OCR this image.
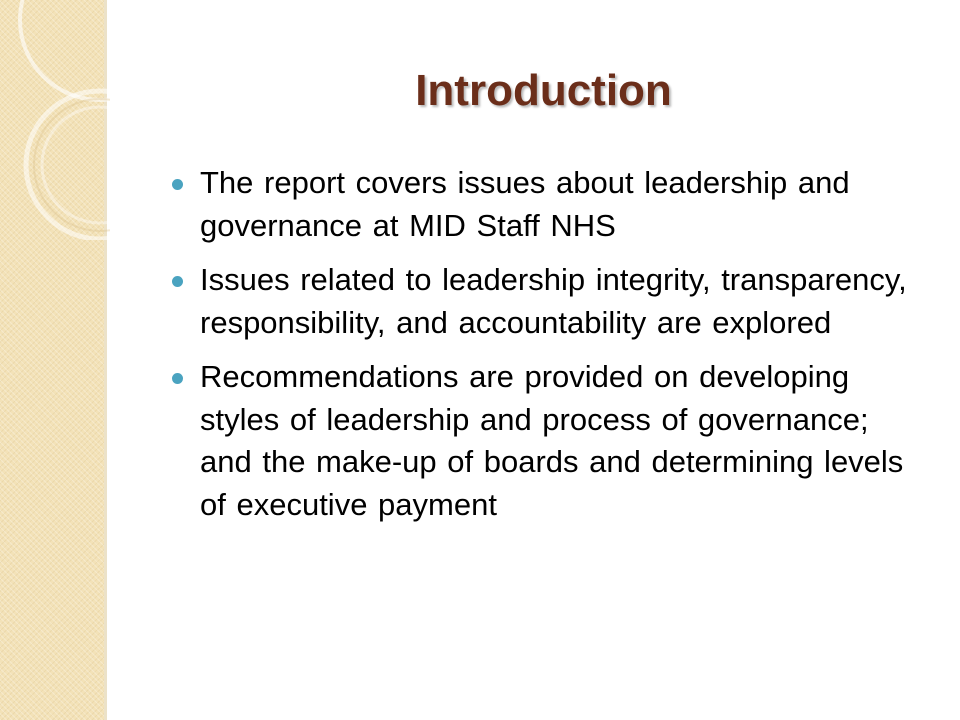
Introduction
The report covers issues about leadership and governance at MID Staff NHS
Issues related to leadership integrity, transparency, responsibility, and accountability are explored
Recommendations are provided on developing styles of leadership and process of governance; and the make-up of boards and determining levels of executive payment
